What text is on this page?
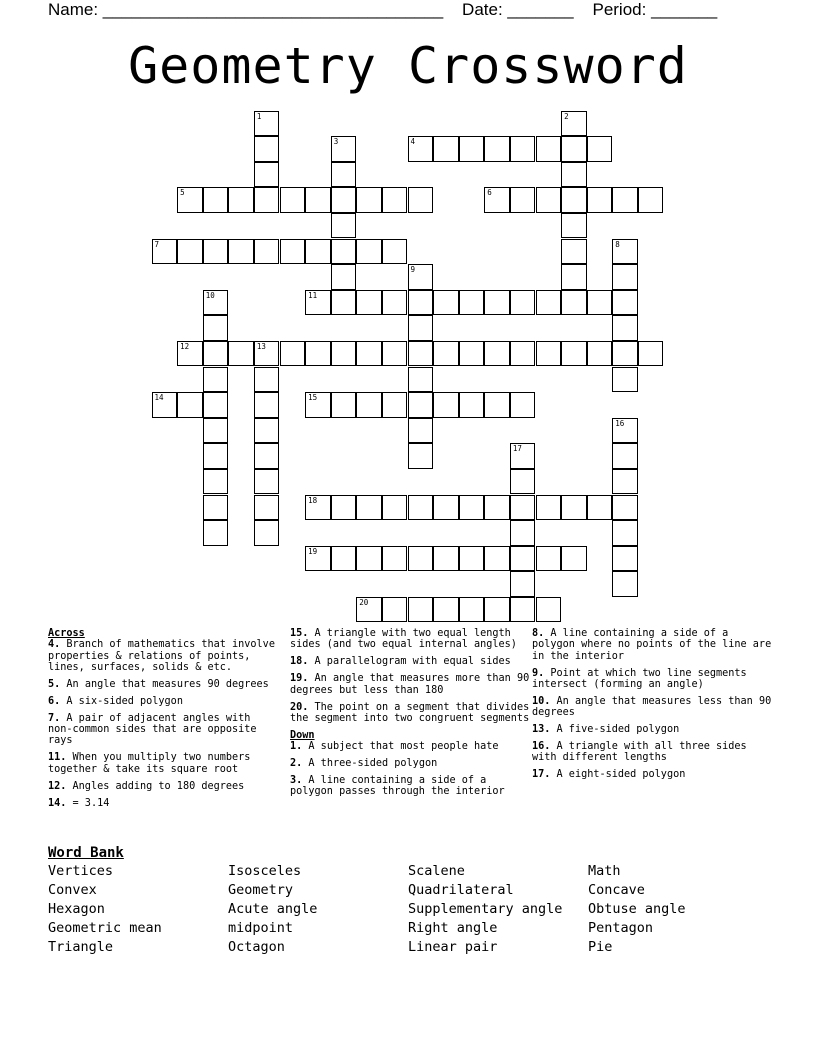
Name: ____________________________________    Date: _______    Period: _______
Geometry Crossword
4
5	6
7
11
12	13
14	15
18
19
20
1	2
3
8
9
10
16
17
Across
4. Branch of mathematics that involve properties & relations of points, lines, surfaces, solids & etc.
5. An angle that measures 90 degrees
6. A six-sided polygon
7. A pair of adjacent angles with non-common sides that are opposite rays
11. When you multiply two numbers together & take its square root
12. Angles adding to 180 degrees
14. = 3.14
15. A triangle with two equal length sides (and two equal internal angles)
18. A parallelogram with equal sides
19. An angle that measures more than 90 degrees but less than 180
20. The point on a segment that divides the segment into two congruent segments
Down
1. A subject that most people hate
2. A three-sided polygon
3. A line containing a side of a polygon passes through the interior
8. A line containing a side of a polygon where no points of the line are in the interior
9. Point at which two line segments intersect (forming an angle)
10. An angle that measures less than 90 degrees
13. A five-sided polygon
16. A triangle with all three sides with different lengths
17. A eight-sided polygon
Word Bank
Vertices
Convex
Hexagon
Geometric mean
Triangle
Isosceles
Geometry
Acute angle
midpoint
Octagon
Scalene
Quadrilateral
Supplementary angle
Right angle
Linear pair
Math
Concave
Obtuse angle
Pentagon
Pie
